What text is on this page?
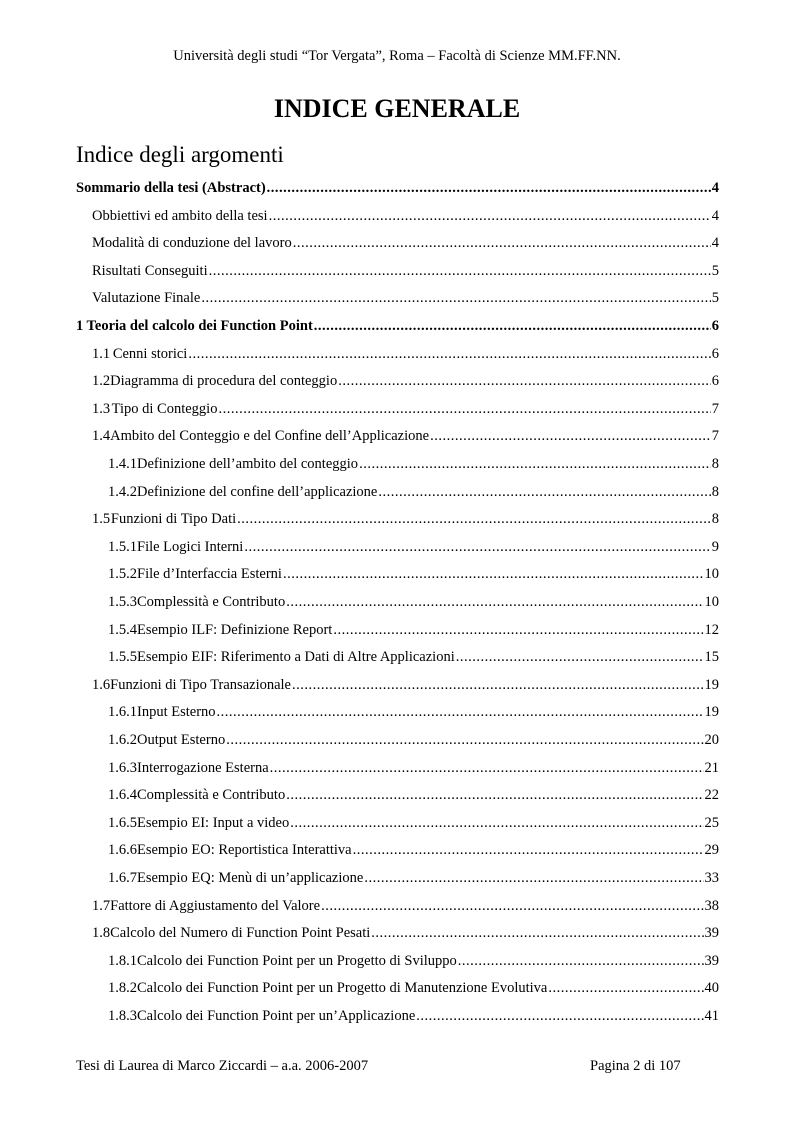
Università degli studi “Tor Vergata”, Roma – Facoltà di Scienze MM.FF.NN.
INDICE GENERALE
Indice degli argomenti
Sommario della tesi (Abstract) .....	4
Obbiettivi ed ambito della tesi .....	4
Modalità di conduzione del lavoro .....	4
Risultati Conseguiti .....	5
Valutazione Finale .....	5
1 Teoria del calcolo dei Function Point .....	6
1.1 Cenni storici .....	6
1.2 Diagramma di procedura del conteggio .....	6
1.3 Tipo di Conteggio .....	7
1.4 Ambito del Conteggio e del Confine dell’Applicazione .....	7
1.4.1 Definizione dell’ambito del conteggio .....	8
1.4.2 Definizione del confine dell’applicazione .....	8
1.5 Funzioni di Tipo Dati .....	8
1.5.1 File Logici Interni .....	9
1.5.2 File d’Interfaccia Esterni .....	10
1.5.3 Complessità e Contributo .....	10
1.5.4 Esempio ILF: Definizione Report .....	12
1.5.5 Esempio EIF: Riferimento a Dati di Altre Applicazioni .....	15
1.6 Funzioni di Tipo Transazionale .....	19
1.6.1 Input Esterno .....	19
1.6.2 Output Esterno .....	20
1.6.3 Interrogazione Esterna .....	21
1.6.4 Complessità e Contributo .....	22
1.6.5 Esempio EI: Input a video .....	25
1.6.6 Esempio EO: Reportistica Interattiva .....	29
1.6.7 Esempio EQ: Menù di un’applicazione .....	33
1.7 Fattore di Aggiustamento del Valore .....	38
1.8 Calcolo del Numero di Function Point Pesati .....	39
1.8.1 Calcolo dei Function Point per un Progetto di Sviluppo .....	39
1.8.2 Calcolo dei Function Point per un Progetto di Manutenzione Evolutiva .....	40
1.8.3 Calcolo dei Function Point per un’Applicazione .....	41
Tesi di Laurea di Marco Ziccardi – a.a. 2006-2007	Pagina 2 di 107
